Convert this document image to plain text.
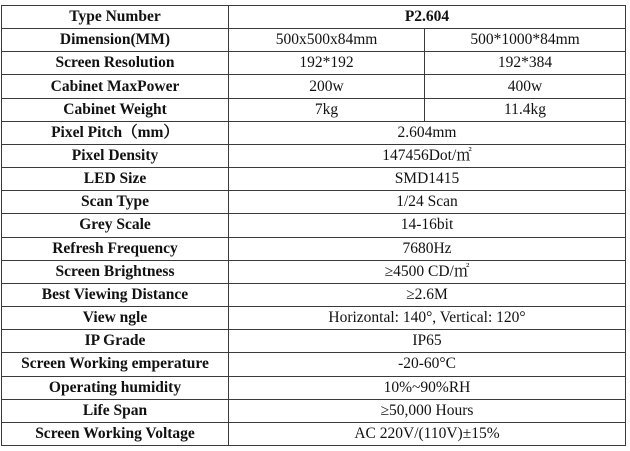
Type Number	P2.604	
Dimension(MM)	500x500x84mm	500*1000*84mm
Screen Resolution	192*192	192*384
Cabinet MaxPower	200w	400w
Cabinet Weight	7kg	11.4kg
Pixel Pitch（mm）	2.604mm	
Pixel Density	147456Dot/㎡	
LED Size	SMD1415	
Scan Type	1/24 Scan	
Grey Scale	14-16bit	
Refresh Frequency	7680Hz	
Screen Brightness	≥4500 CD/㎡	
Best Viewing Distance	≥2.6M	
View ngle	Horizontal: 140°, Vertical: 120°	
IP Grade	IP65	
Screen Working emperature	-20-60°C	
Operating humidity	10%~90%RH	
Life Span	≥50,000 Hours	
Screen Working Voltage	AC 220V/(110V)±15%	
